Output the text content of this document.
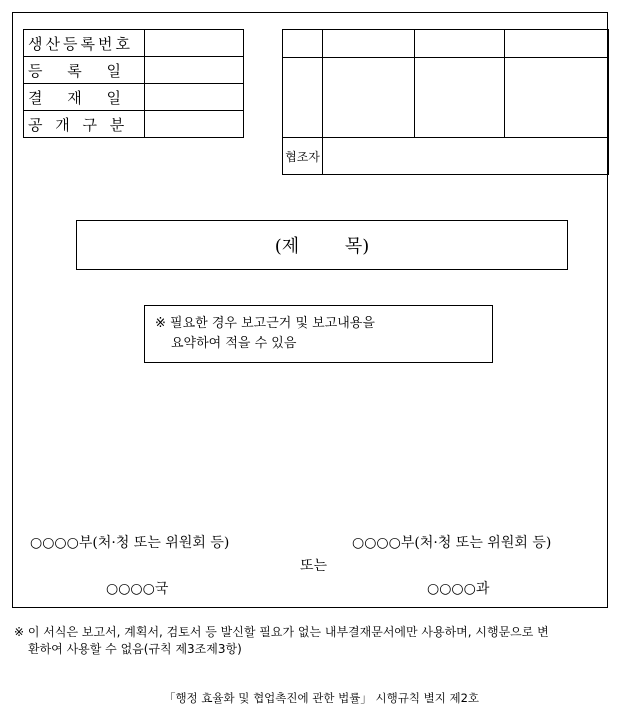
생산등록번호	
등 록 일	
결 재 일	
공 개 구 분	

협조자			
(제 목)
※ 필요한 경우 보고근거 및 보고내용을
요약하여 적을 수 있음
○○○○부(처·청 또는 위원회 등)	○○○○부(처·청 또는 위원회 등)
또는
○○○○국	○○○○과
※ 이 서식은 보고서, 계획서, 검토서 등 발신할 필요가 없는 내부결재문서에만 사용하며, 시행문으로 변
환하여 사용할 수 없음(규칙 제3조제3항)
「행정 효율화 및 협업촉진에 관한 법률」 시행규칙 별지 제2호
